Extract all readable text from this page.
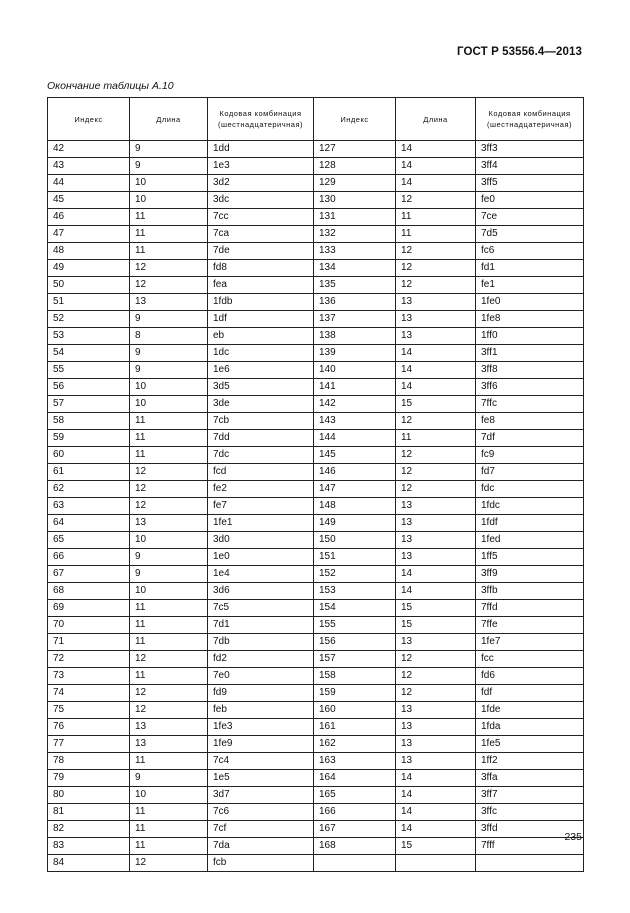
ГОСТ Р 53556.4—2013
Окончание таблицы А.10
Индекс	Длина	Кодовая комбинация (шестнадцатеричная)	Индекс	Длина	Кодовая комбинация (шестнадцатеричная)
42	9	1dd	127	14	3ff3
43	9	1e3	128	14	3ff4
44	10	3d2	129	14	3ff5
45	10	3dc	130	12	fe0
46	11	7cc	131	11	7ce
47	11	7ca	132	11	7d5
48	11	7de	133	12	fc6
49	12	fd8	134	12	fd1
50	12	fea	135	12	fe1
51	13	1fdb	136	13	1fe0
52	9	1df	137	13	1fe8
53	8	eb	138	13	1ff0
54	9	1dc	139	14	3ff1
55	9	1e6	140	14	3ff8
56	10	3d5	141	14	3ff6
57	10	3de	142	15	7ffc
58	11	7cb	143	12	fe8
59	11	7dd	144	11	7df
60	11	7dc	145	12	fc9
61	12	fcd	146	12	fd7
62	12	fe2	147	12	fdc
63	12	fe7	148	13	1fdc
64	13	1fe1	149	13	1fdf
65	10	3d0	150	13	1fed
66	9	1e0	151	13	1ff5
67	9	1e4	152	14	3ff9
68	10	3d6	153	14	3ffb
69	11	7c5	154	15	7ffd
70	11	7d1	155	15	7ffe
71	11	7db	156	13	1fe7
72	12	fd2	157	12	fcc
73	11	7e0	158	12	fd6
74	12	fd9	159	12	fdf
75	12	feb	160	13	1fde
76	13	1fe3	161	13	1fda
77	13	1fe9	162	13	1fe5
78	11	7c4	163	13	1ff2
79	9	1e5	164	14	3ffa
80	10	3d7	165	14	3ff7
81	11	7c6	166	14	3ffc
82	11	7cf	167	14	3ffd
83	11	7da	168	15	7fff
84	12	fcb			
235
